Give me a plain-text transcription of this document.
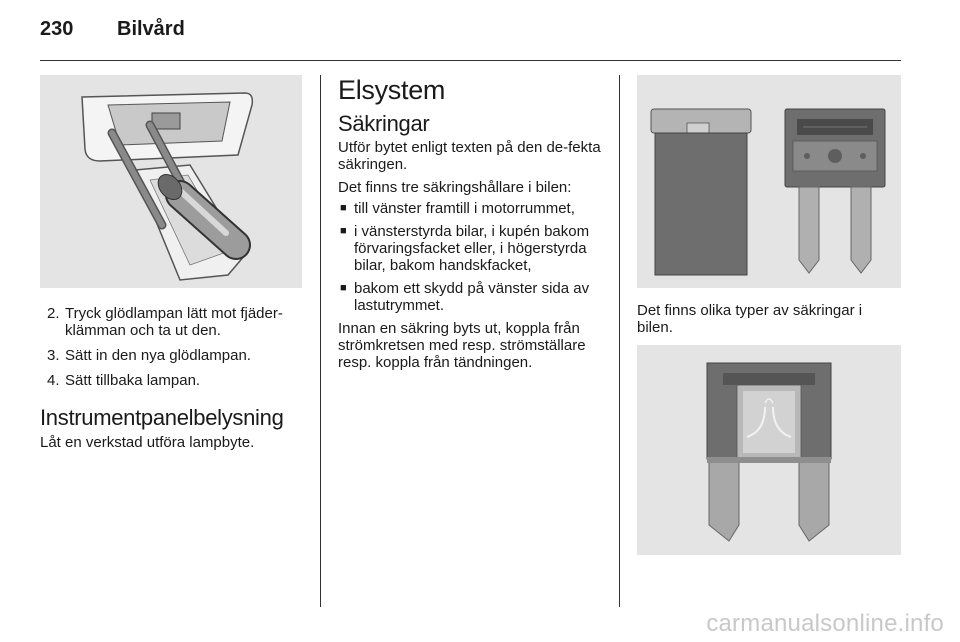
230 Bilvård
2. Tryck glödlampan lätt mot fjäder-klämman och ta ut den.
3. Sätt in den nya glödlampan.
4. Sätt tillbaka lampan.
Instrumentpanelbelysning

Låt en verkstad utföra lampbyte.

Elsystem
Säkringar

Utför bytet enligt texten på den de-fekta säkringen.

Det finns tre säkringshållare i bilen:

■ till vänster framtill i motorrummet,
■ i vänsterstyrda bilar, i kupén bakom förvaringsfacket eller, i högerstyrda bilar, bakom handskfacket,
■ bakom ett skydd på vänster sida av lastutrymmet.

Innan en säkring byts ut, koppla från strömkretsen med resp. strömställare resp. koppla från tändningen.

Det finns olika typer av säkringar i bilen.

carmanualsonline.info
